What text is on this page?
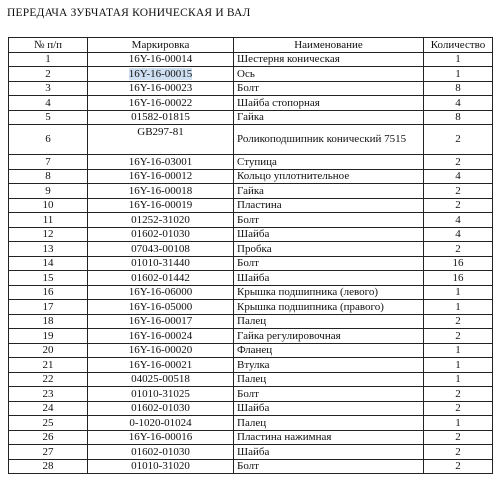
ПЕРЕДАЧА ЗУБЧАТАЯ КОНИЧЕСКАЯ И ВАЛ
№ п/п	Маркировка	Наименование	Количество
1	16Y-16-00014	Шестерня коническая	1
2	16Y-16-00015	Ось	1
3	16Y-16-00023	Болт	8
4	16Y-16-00022	Шайба стопорная	4
5	01582-01815	Гайка	8
6	GB297-81	Роликоподшипник конический 7515	2
7	16Y-16-03001	Ступица	2
8	16Y-16-00012	Кольцо уплотнительное	4
9	16Y-16-00018	Гайка	2
10	16Y-16-00019	Пластина	2
11	01252-31020	Болт	4
12	01602-01030	Шайба	4
13	07043-00108	Пробка	2
14	01010-31440	Болт	16
15	01602-01442	Шайба	16
16	16Y-16-06000	Крышка подшипника (левого)	1
17	16Y-16-05000	Крышка подшипника (правого)	1
18	16Y-16-00017	Палец	2
19	16Y-16-00024	Гайка регулировочная	2
20	16Y-16-00020	Фланец	1
21	16Y-16-00021	Втулка	1
22	04025-00518	Палец	1
23	01010-31025	Болт	2
24	01602-01030	Шайба	2
25	0-1020-01024	Палец	1
26	16Y-16-00016	Пластина нажимная	2
27	01602-01030	Шайба	2
28	01010-31020	Болт	2
